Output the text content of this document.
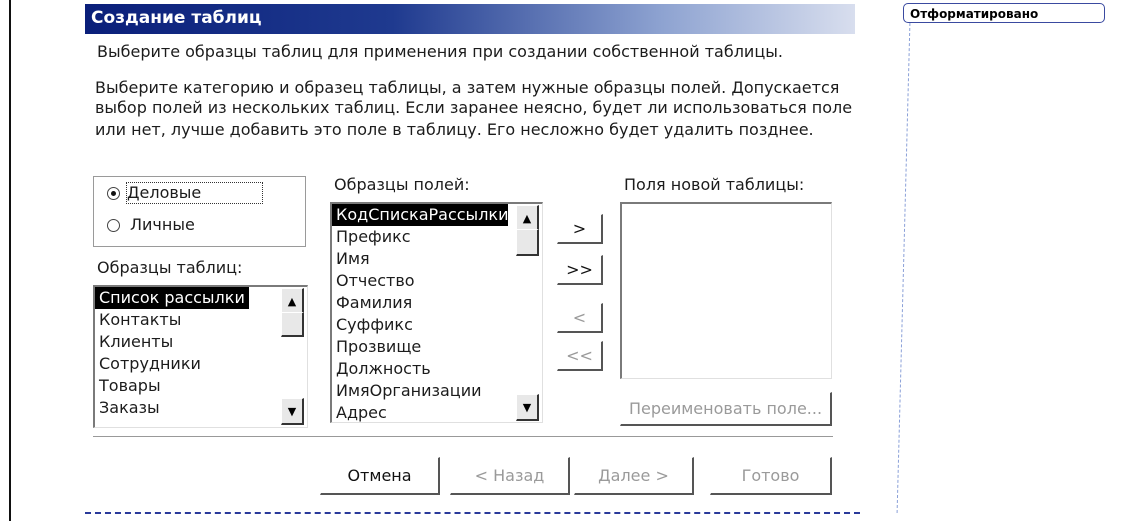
Отформатировано
Создание таблиц
Выберите образцы таблиц для применения при создании собственной таблицы.
Выберите категорию и образец таблицы, а затем нужные образцы полей. Допускается
выбор полей из нескольких таблиц. Если заранее неясно, будет ли использоваться поле
или нет, лучше добавить это поле в таблицу. Его несложно будет удалить позднее.
Деловые
Личные
Образцы таблиц:
Список рассылки
Контакты
Клиенты
Сотрудники
Товары
Заказы
▲
▼
Образцы полей:
КодСпискаРассылки
Префикс
Имя
Отчество
Фамилия
Суффикс
Прозвище
Должность
ИмяОрганизации
Адрес
▲
▼
>
>>
<
<<
Поля новой таблицы:
Переименовать поле...
Отмена	< Назад	Далее >	Готово
